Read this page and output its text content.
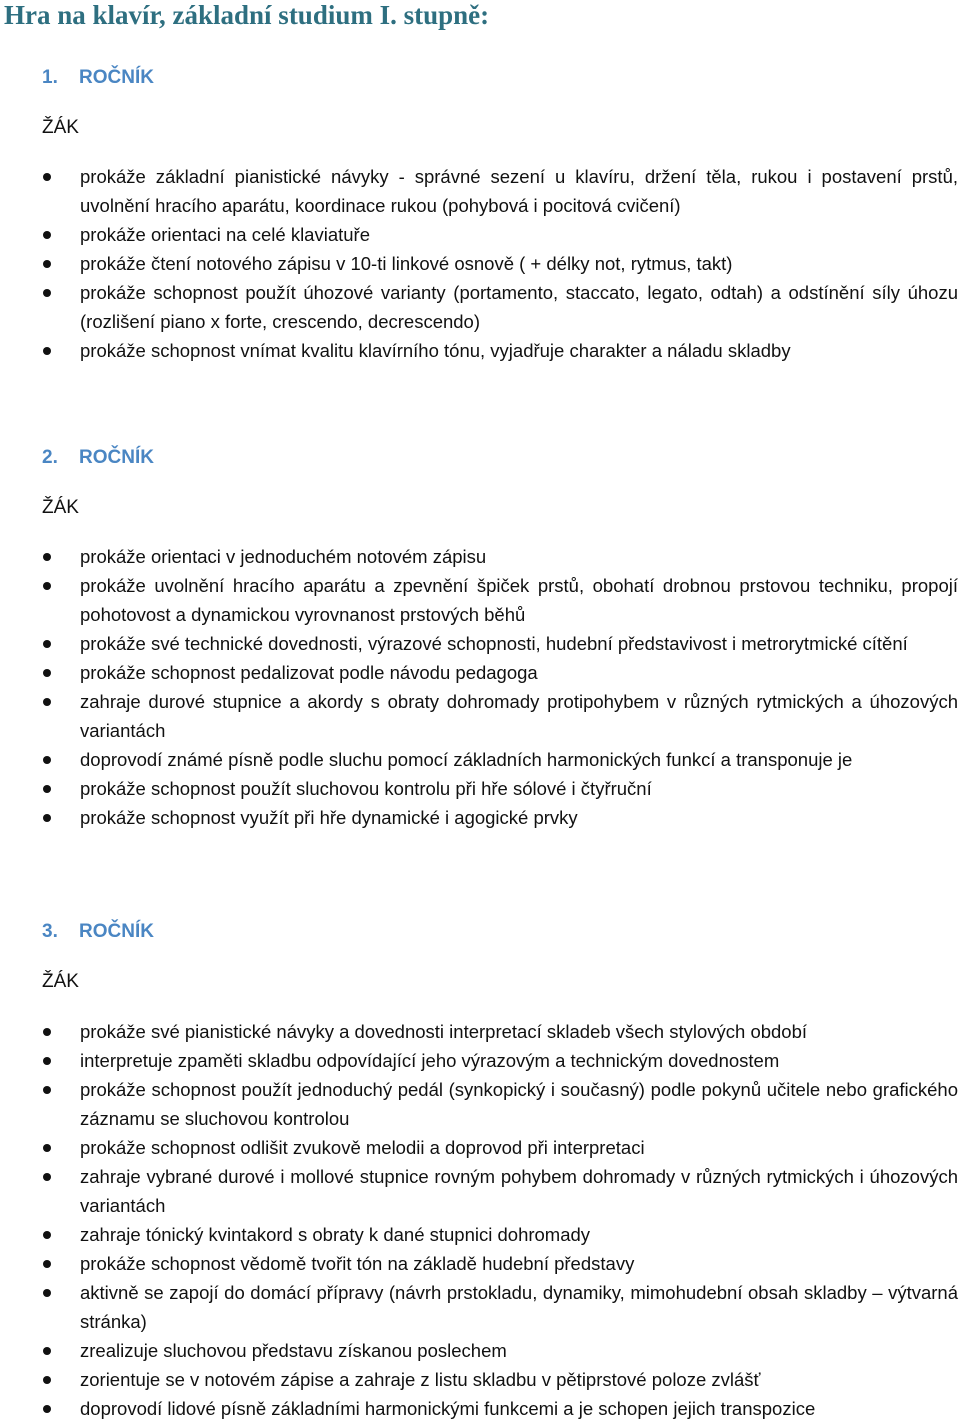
Hra na klavír, základní studium I. stupně:
1. ROČNÍK
ŽÁK
prokáže základní pianistické návyky - správné sezení u klavíru, držení těla, rukou i postavení prstů, uvolnění hracího aparátu, koordinace rukou (pohybová i pocitová cvičení)
prokáže orientaci na celé klaviatuře
prokáže čtení notového zápisu v 10-ti linkové osnově ( + délky not, rytmus, takt)
prokáže schopnost použít úhozové varianty (portamento, staccato, legato, odtah) a odstínění síly úhozu (rozlišení piano x forte, crescendo, decrescendo)
prokáže schopnost vnímat kvalitu klavírního tónu, vyjadřuje charakter a náladu skladby
2. ROČNÍK
ŽÁK
prokáže orientaci v jednoduchém notovém zápisu
prokáže uvolnění hracího aparátu a zpevnění špiček prstů, obohatí drobnou prstovou techniku, propojí pohotovost a dynamickou vyrovnanost prstových běhů
prokáže své technické dovednosti, výrazové schopnosti, hudební představivost i metrorytmické cítění
prokáže schopnost pedalizovat podle návodu pedagoga
zahraje durové stupnice a akordy s obraty dohromady protipohybem v různých rytmických a úhozových variantách
doprovodí známé písně podle sluchu pomocí základních harmonických funkcí a transponuje je
prokáže schopnost použít sluchovou kontrolu při hře sólové i čtyřruční
prokáže schopnost využít při hře dynamické i agogické prvky
3. ROČNÍK
ŽÁK
prokáže své pianistické návyky a dovednosti interpretací skladeb všech stylových období
interpretuje zpaměti skladbu odpovídající jeho výrazovým a technickým dovednostem
prokáže schopnost použít jednoduchý pedál (synkopický i současný) podle pokynů učitele nebo grafického záznamu se sluchovou kontrolou
prokáže schopnost odlišit zvukově melodii a doprovod při interpretaci
zahraje vybrané durové i mollové stupnice rovným pohybem dohromady v různých rytmických i úhozových variantách
zahraje tónický kvintakord s obraty k dané stupnici dohromady
prokáže schopnost vědomě tvořit tón na základě hudební představy
aktivně se zapojí do domácí přípravy (návrh prstokladu, dynamiky, mimohudební obsah skladby – výtvarná stránka)
zrealizuje sluchovou představu získanou poslechem
zorientuje se v notovém zápise a zahraje z listu skladbu v pětiprstové poloze zvlášť
doprovodí lidové písně základními harmonickými funkcemi a je schopen jejich transpozice
